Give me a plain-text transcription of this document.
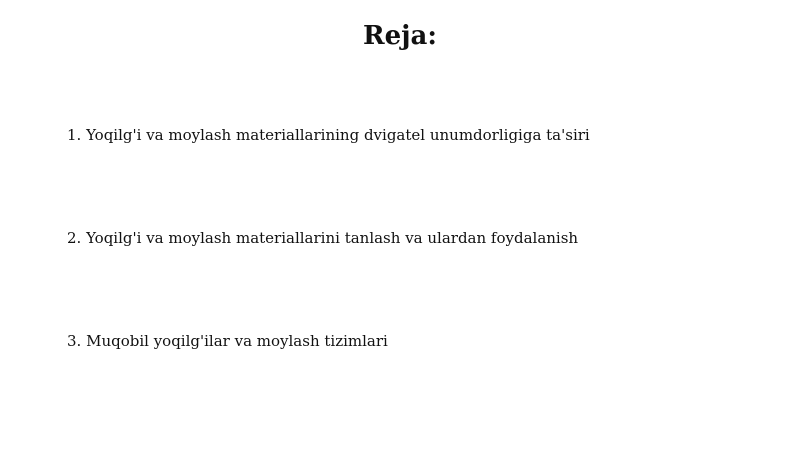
Reja:

1. Yoqilg'i va moylash materiallarining dvigatel unumdorligiga ta'siri

2. Yoqilg'i va moylash materiallarini tanlash va ulardan foydalanish

3. Muqobil yoqilg'ilar va moylash tizimlari
